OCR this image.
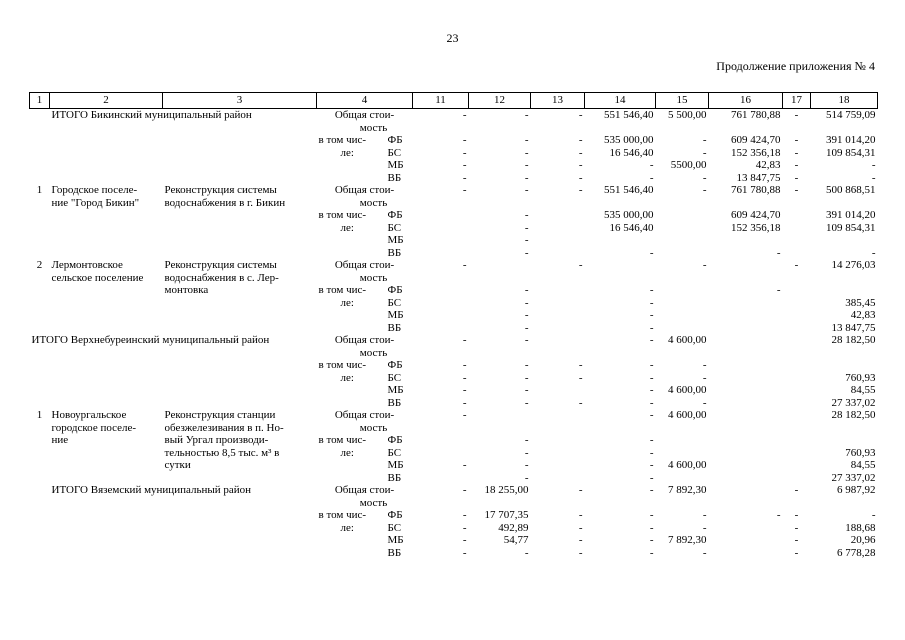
23
Продолжение приложения № 4
1	2	3	4	11	12	13	14	15	16	17	18
ИТОГО Бикинский муниципальный район			Общая стои-	-	-	-	551 546,40	5 500,00	761 780,88	-	514 759,09

			мость								

			в том чис- ФБ	-	-	-	535 000,00	-	609 424,70	-	391 014,20

			ле: БС	-	-	-	16 546,40	-	152 356,18	-	109 854,31

			МБ	-	-	-	-	5500,00	42,83	-	-

			ВБ	-	-	-	-	-	13 847,75	-	-
1	Городское поселе-	Реконструкция системы	Общая стои-	-	-	-	551 546,40	-	761 780,88	-	500 868,51
	ние "Город Бикин"	водоснабжения в г. Бикин	мость								

			в том чис- ФБ		-		535 000,00		609 424,70		391 014,20

			ле: БС		-		16 546,40		152 356,18		109 854,31

			МБ		-						

			ВБ		-		-		-		-
2	Лермонтовское	Реконструкция системы	Общая стои-	-		-		-		-	14 276,03
	сельское поселение	водоснабжения в с. Лер-	мость								

		монтовка	в том чис- ФБ		-		-		-		

			ле: БС		-		-				385,45

			МБ		-		-				42,83

			ВБ		-		-				13 847,75
ИТОГО Верхнебуреинский муниципальный район			Общая стои-	-	-		-	4 600,00			28 182,50

			мость								

			в том чис- ФБ	-	-	-	-	-			

			ле: БС	-	-	-	-	-			760,93

			МБ	-	-		-	4 600,00			84,55

			ВБ	-	-	-	-	-			27 337,02
1	Новоургальское	Реконструкция станции	Общая стои-	-			-	4 600,00			28 182,50
	городское поселе-	обезжелезивания в п. Но-	мость								

	ние	вый Ургал производи-	в том чис- ФБ		-		-				
		тельностью 8,5 тыс. м³ в	ле: БС		-		-				760,93
		сутки	МБ	-	-		-	4 600,00			84,55

			ВБ		-		-				27 337,02
ИТОГО Вяземский муниципальный район			Общая стои-	-	18 255,00	-	-	7 892,30		-	6 987,92

			мость								

			в том чис- ФБ	-	17 707,35	-	-	-	-	-	-

			ле: БС	-	492,89	-	-	-		-	188,68

			МБ	-	54,77	-	-	7 892,30		-	20,96

			ВБ	-	-	-	-	-		-	6 778,28
